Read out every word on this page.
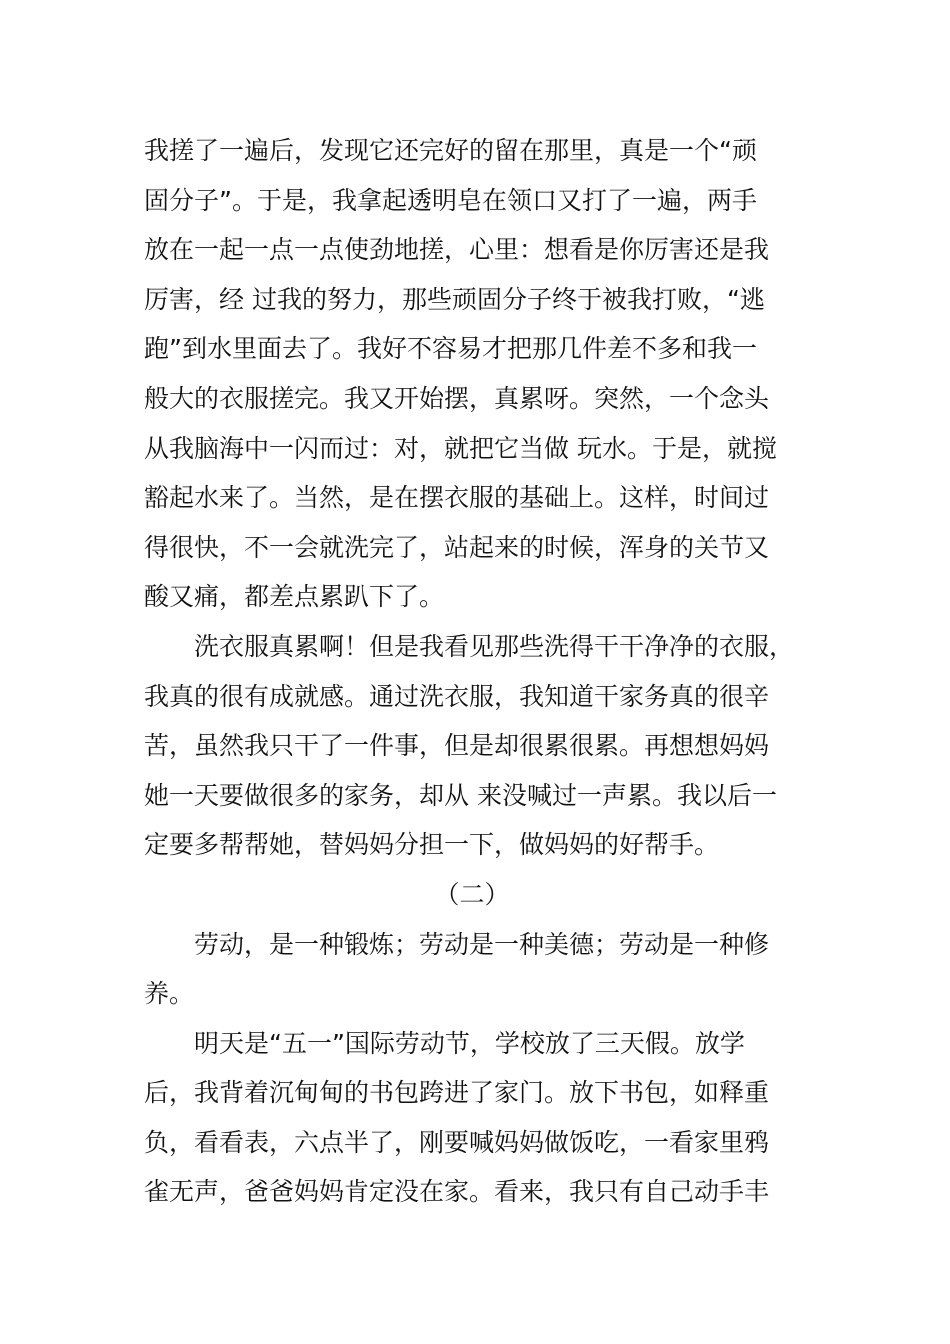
我搓了一遍后，发现它还完好的留在那里，真是一个“顽
固分子”。于是，我拿起透明皂在领口又打了一遍，两手
放在一起一点一点使劲地搓，心里：想看是你厉害还是我
厉害，经 过我的努力，那些顽固分子终于被我打败，“逃
跑”到水里面去了。我好不容易才把那几件差不多和我一
般大的衣服搓完。我又开始摆，真累呀。突然，一个念头
从我脑海中一闪而过：对，就把它当做 玩水。于是，就搅
豁起水来了。当然，是在摆衣服的基础上。这样，时间过
得很快，不一会就洗完了，站起来的时候，浑身的关节又
酸又痛，都差点累趴下了。
洗衣服真累啊！但是我看见那些洗得干干净净的衣服，
我真的很有成就感。通过洗衣服，我知道干家务真的很辛
苦，虽然我只干了一件事，但是却很累很累。再想想妈妈
她一天要做很多的家务，却从 来没喊过一声累。我以后一
定要多帮帮她，替妈妈分担一下，做妈妈的好帮手。
（二）
劳动，是一种锻炼；劳动是一种美德；劳动是一种修
养。
明天是“五一”国际劳动节，学校放了三天假。放学
后，我背着沉甸甸的书包跨进了家门。放下书包，如释重
负，看看表，六点半了，刚要喊妈妈做饭吃，一看家里鸦
雀无声，爸爸妈妈肯定没在家。看来，我只有自己动手丰
